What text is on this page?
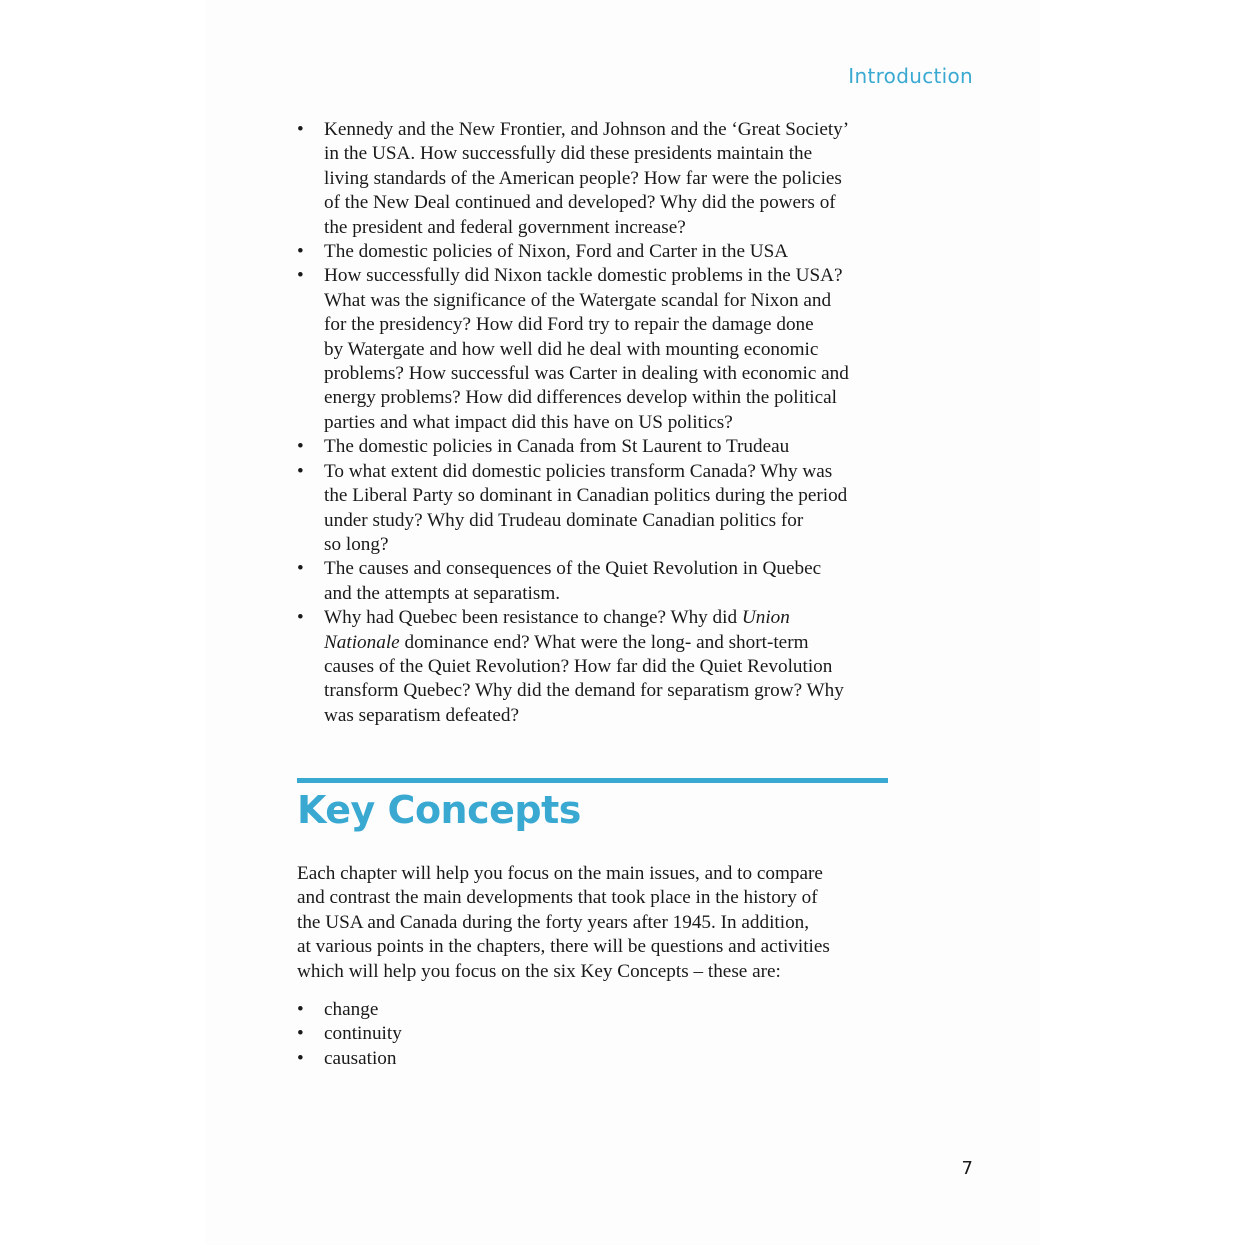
Introduction
• Kennedy and the New Frontier, and Johnson and the ‘Great Society’
in the USA. How successfully did these presidents maintain the
living standards of the American people? How far were the policies
of the New Deal continued and developed? Why did the powers of
the president and federal government increase?
• The domestic policies of Nixon, Ford and Carter in the USA
• How successfully did Nixon tackle domestic problems in the USA?
What was the significance of the Watergate scandal for Nixon and
for the presidency? How did Ford try to repair the damage done
by Watergate and how well did he deal with mounting economic
problems? How successful was Carter in dealing with economic and
energy problems? How did differences develop within the political
parties and what impact did this have on US politics?
• The domestic policies in Canada from St Laurent to Trudeau
• To what extent did domestic policies transform Canada? Why was
the Liberal Party so dominant in Canadian politics during the period
under study? Why did Trudeau dominate Canadian politics for
so long?
• The causes and consequences of the Quiet Revolution in Quebec
and the attempts at separatism.
• Why had Quebec been resistance to change? Why did Union
Nationale dominance end? What were the long- and short-term
causes of the Quiet Revolution? How far did the Quiet Revolution
transform Quebec? Why did the demand for separatism grow? Why
was separatism defeated?
Key Concepts
Each chapter will help you focus on the main issues, and to compare
and contrast the main developments that took place in the history of
the USA and Canada during the forty years after 1945. In addition,
at various points in the chapters, there will be questions and activities
which will help you focus on the six Key Concepts – these are:
• change
• continuity
• causation
7
